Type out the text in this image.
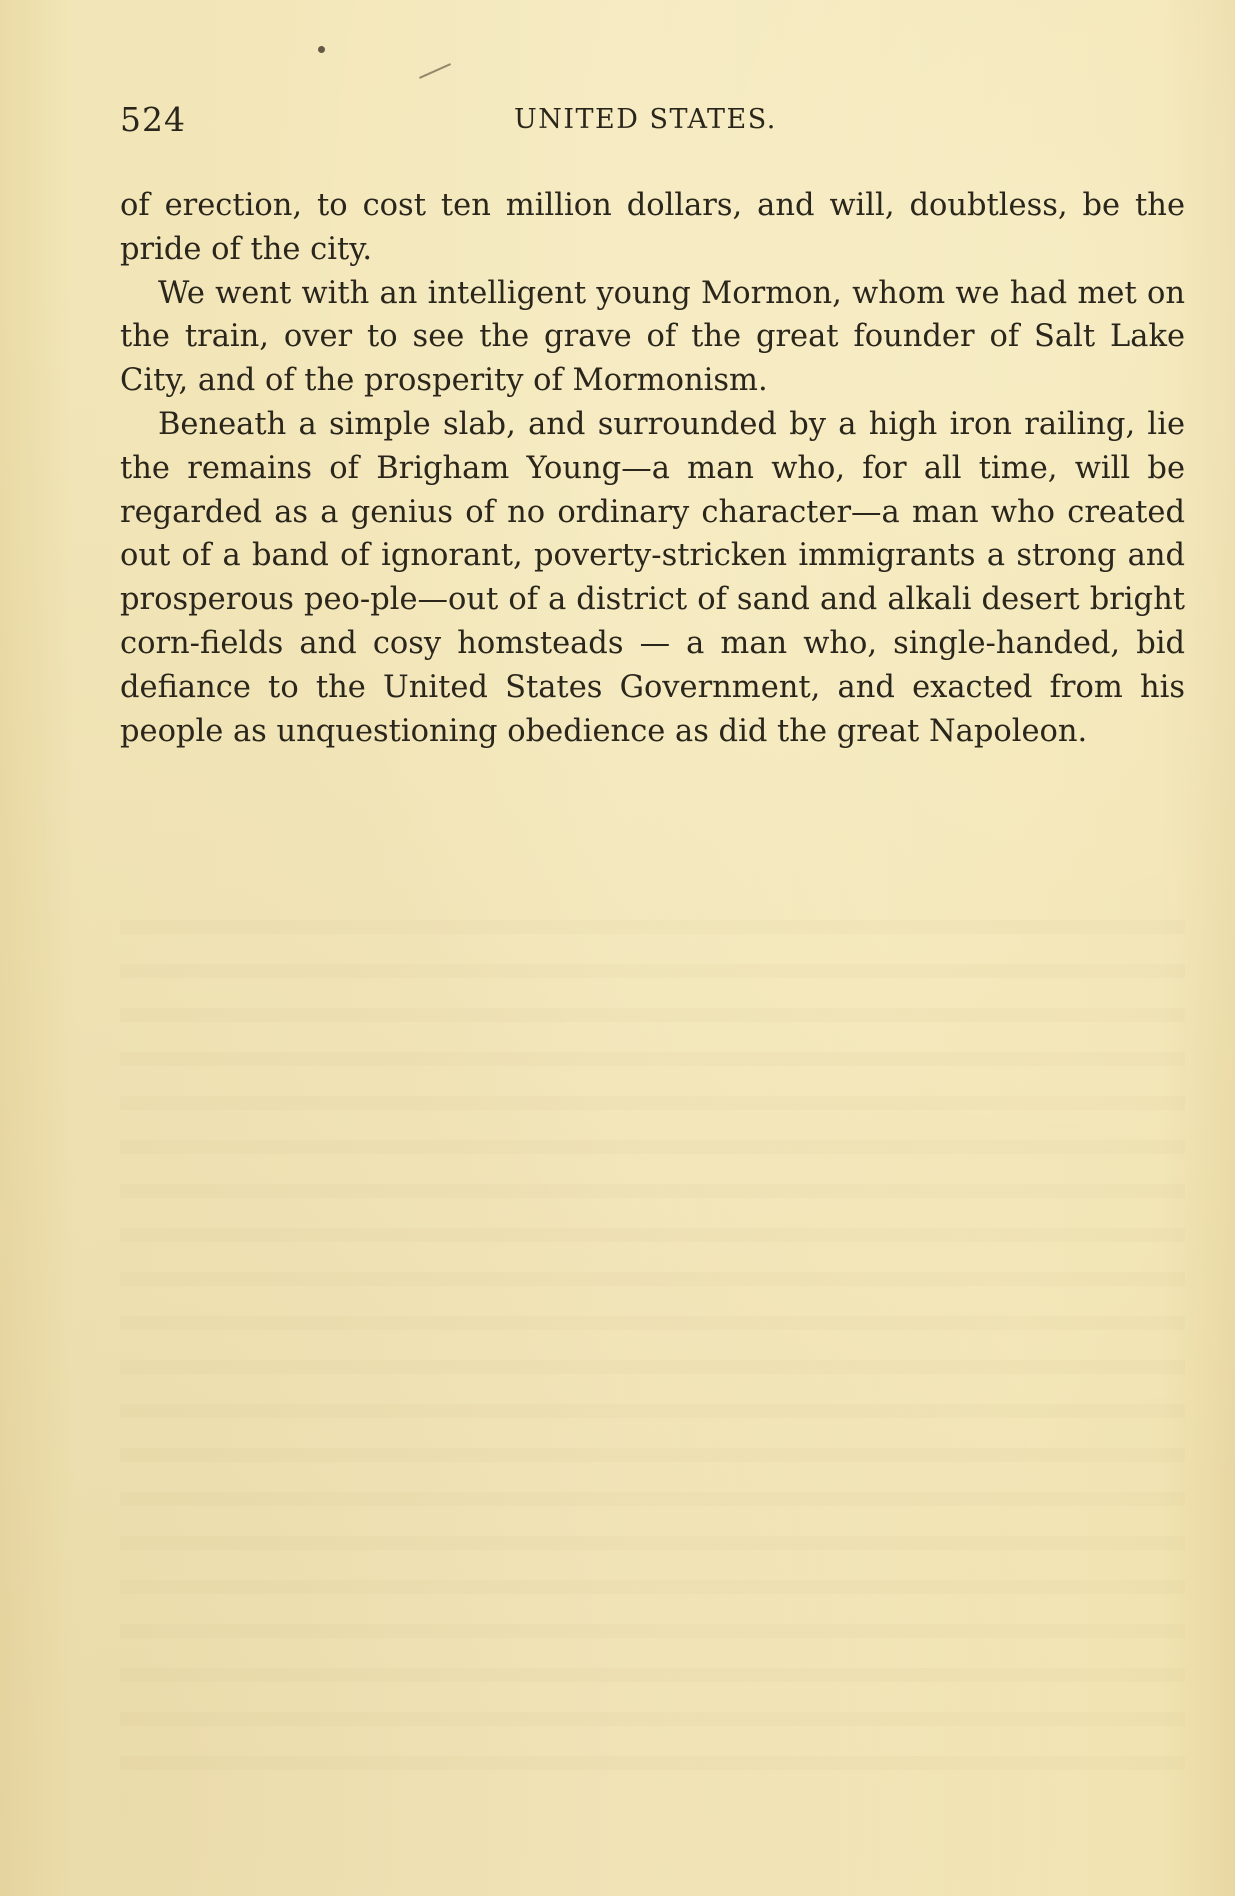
524	UNITED STATES.

of erection, to cost ten million dollars, and will, doubtless, be the pride of the city.

We went with an intelligent young Mormon, whom we had met on the train, over to see the grave of the great founder of Salt Lake City, and of the prosperity of Mormonism.

Beneath a simple slab, and surrounded by a high iron railing, lie the remains of Brigham Young—a man who, for all time, will be regarded as a genius of no ordinary character—a man who created out of a band of ignorant, poverty-stricken immigrants a strong and prosperous peo-ple—out of a district of sand and alkali desert bright corn-fields and cosy homsteads — a man who, single-handed, bid defiance to the United States Government, and exacted from his people as unquestioning obedience as did the great Napoleon.
